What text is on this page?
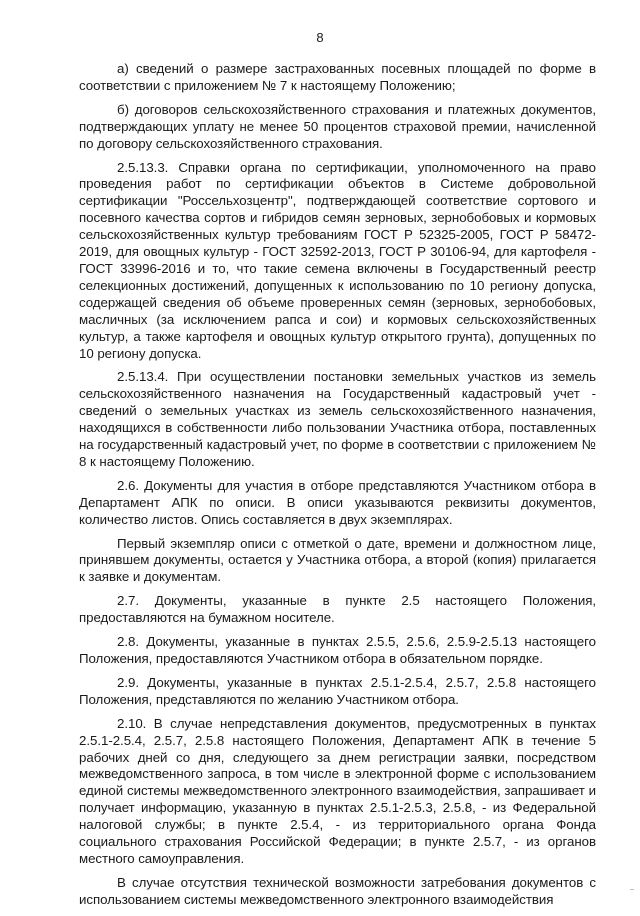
8

а) сведений о размере застрахованных посевных площадей по форме в соответствии с приложением № 7 к настоящему Положению;

б) договоров сельскохозяйственного страхования и платежных документов, подтверждающих уплату не менее 50 процентов страховой премии, начисленной по договору сельскохозяйственного страхования.

2.5.13.3. Справки органа по сертификации, уполномоченного на право проведения работ по сертификации объектов в Системе добровольной сертификации "Россельхозцентр", подтверждающей соответствие сортового и посевного качества сортов и гибридов семян зерновых, зернобобовых и кормовых сельскохозяйственных культур требованиям ГОСТ Р 52325-2005, ГОСТ Р 58472-2019, для овощных культур - ГОСТ 32592-2013, ГОСТ Р 30106-94, для картофеля - ГОСТ 33996-2016 и то, что такие семена включены в Государственный реестр селекционных достижений, допущенных к использованию по 10 региону допуска, содержащей сведения об объеме проверенных семян (зерновых, зернобобовых, масличных (за исключением рапса и сои) и кормовых сельскохозяйственных культур, а также картофеля и овощных культур открытого грунта), допущенных по 10 региону допуска.

2.5.13.4. При осуществлении постановки земельных участков из земель сельскохозяйственного назначения на Государственный кадастровый учет - сведений о земельных участках из земель сельскохозяйственного назначения, находящихся в собственности либо пользовании Участника отбора, поставленных на государственный кадастровый учет, по форме в соответствии с приложением № 8 к настоящему Положению.

2.6. Документы для участия в отборе представляются Участником отбора в Департамент АПК по описи. В описи указываются реквизиты документов, количество листов. Опись составляется в двух экземплярах.

Первый экземпляр описи с отметкой о дате, времени и должностном лице, принявшем документы, остается у Участника отбора, а второй (копия) прилагается к заявке и документам.

2.7. Документы, указанные в пункте 2.5 настоящего Положения, предоставляются на бумажном носителе.

2.8. Документы, указанные в пунктах 2.5.5, 2.5.6, 2.5.9-2.5.13 настоящего Положения, предоставляются Участником отбора в обязательном порядке.

2.9. Документы, указанные в пунктах 2.5.1-2.5.4, 2.5.7, 2.5.8 настоящего Положения, представляются по желанию Участником отбора.

2.10. В случае непредставления документов, предусмотренных в пунктах 2.5.1-2.5.4, 2.5.7, 2.5.8 настоящего Положения, Департамент АПК в течение 5 рабочих дней со дня, следующего за днем регистрации заявки, посредством межведомственного запроса, в том числе в электронной форме с использованием единой системы межведомственного электронного взаимодействия, запрашивает и получает информацию, указанную в пунктах 2.5.1-2.5.3, 2.5.8, - из Федеральной налоговой службы; в пункте 2.5.4, - из территориального органа Фонда социального страхования Российской Федерации; в пункте 2.5.7, - из органов местного самоуправления.

В случае отсутствия технической возможности затребования документов с использованием системы межведомственного электронного взаимодействия
